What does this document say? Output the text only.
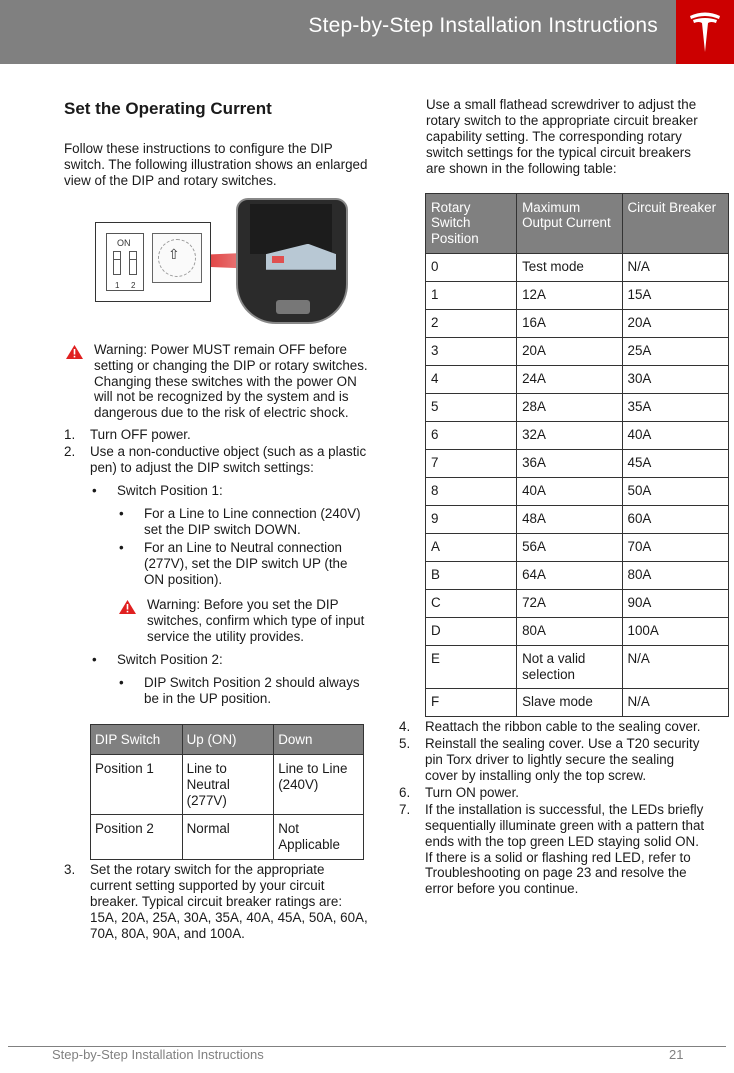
Step-by-Step Installation Instructions
Set the Operating Current

Follow these instructions to configure the DIP switch. The following illustration shows an enlarged view of the DIP and rotary switches.

ON
1 2
⇧
Warning: Power MUST remain OFF before setting or changing the DIP or rotary switches. Changing these switches with the power ON will not be recognized by the system and is dangerous due to the risk of electric shock.
1. Turn OFF power.
2. Use a non-conductive object (such as a plastic pen) to adjust the DIP switch settings:
• Switch Position 1:
• For a Line to Line connection (240V) set the DIP switch DOWN.
• For an Line to Neutral connection (277V), set the DIP switch UP (the ON position).
Warning: Before you set the DIP switches, confirm which type of input service the utility provides.
• Switch Position 2:
• DIP Switch Position 2 should always be in the UP position.
DIP Switch	Up (ON)	Down
Position 1	Line to Neutral (277V)	Line to Line (240V)
Position 2	Normal	Not Applicable
3. Set the rotary switch for the appropriate current setting supported by your circuit breaker. Typical circuit breaker ratings are: 15A, 20A, 25A, 30A, 35A, 40A, 45A, 50A, 60A, 70A, 80A, 90A, and 100A.

Use a small flathead screwdriver to adjust the rotary switch to the appropriate circuit breaker capability setting. The corresponding rotary switch settings for the typical circuit breakers are shown in the following table:

Rotary Switch Position	Maximum Output Current	Circuit Breaker
0	Test mode	N/A
1	12A	15A
2	16A	20A
3	20A	25A
4	24A	30A
5	28A	35A
6	32A	40A
7	36A	45A
8	40A	50A
9	48A	60A
A	56A	70A
B	64A	80A
C	72A	90A
D	80A	100A
E	Not a valid selection	N/A
F	Slave mode	N/A
4. Reattach the ribbon cable to the sealing cover.
5. Reinstall the sealing cover. Use a T20 security pin Torx driver to lightly secure the sealing cover by installing only the top screw.
6. Turn ON power.
7. If the installation is successful, the LEDs briefly sequentially illuminate green with a pattern that ends with the top green LED staying solid ON. If there is a solid or flashing red LED, refer to Troubleshooting on page 23 and resolve the error before you continue.
Step-by-Step Installation Instructions	21
